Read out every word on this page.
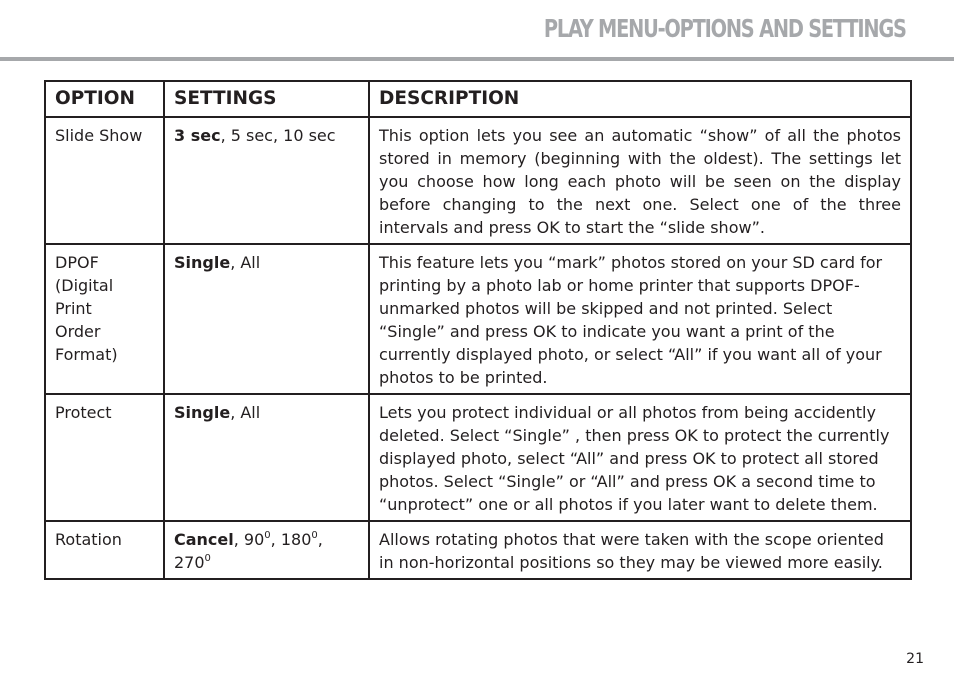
PLAY MENU-OPTIONS AND SETTINGS
OPTION	SETTINGS	DESCRIPTION
Slide Show	3 sec, 5 sec, 10 sec	This option lets you see an automatic “show” of all the photos stored in memory (beginning with the oldest). The settings let you choose how long each photo will be seen on the display before changing to the next one. Select one of the three intervals and press OK to start the “slide show”.

DPOF (Digital Print Order Format)	Single, All	This feature lets you “mark” photos stored on your SD card for printing by a photo lab or home printer that supports DPOF- unmarked photos will be skipped and not printed. Select “Single” and press OK to indicate you want a print of the currently displayed photo, or select “All” if you want all of your photos to be printed.
Protect	Single, All	Lets you protect individual or all photos from being accidently deleted. Select “Single” , then press OK to protect the currently displayed photo, select “All” and press OK to protect all stored photos. Select “Single” or “All” and press OK a second time to “unprotect” one or all photos if you later want to delete them.
Rotation	Cancel, $90^0$, $180^0$, $270^0$	Allows rotating photos that were taken with the scope oriented in non-horizontal positions so they may be viewed more easily.
21
